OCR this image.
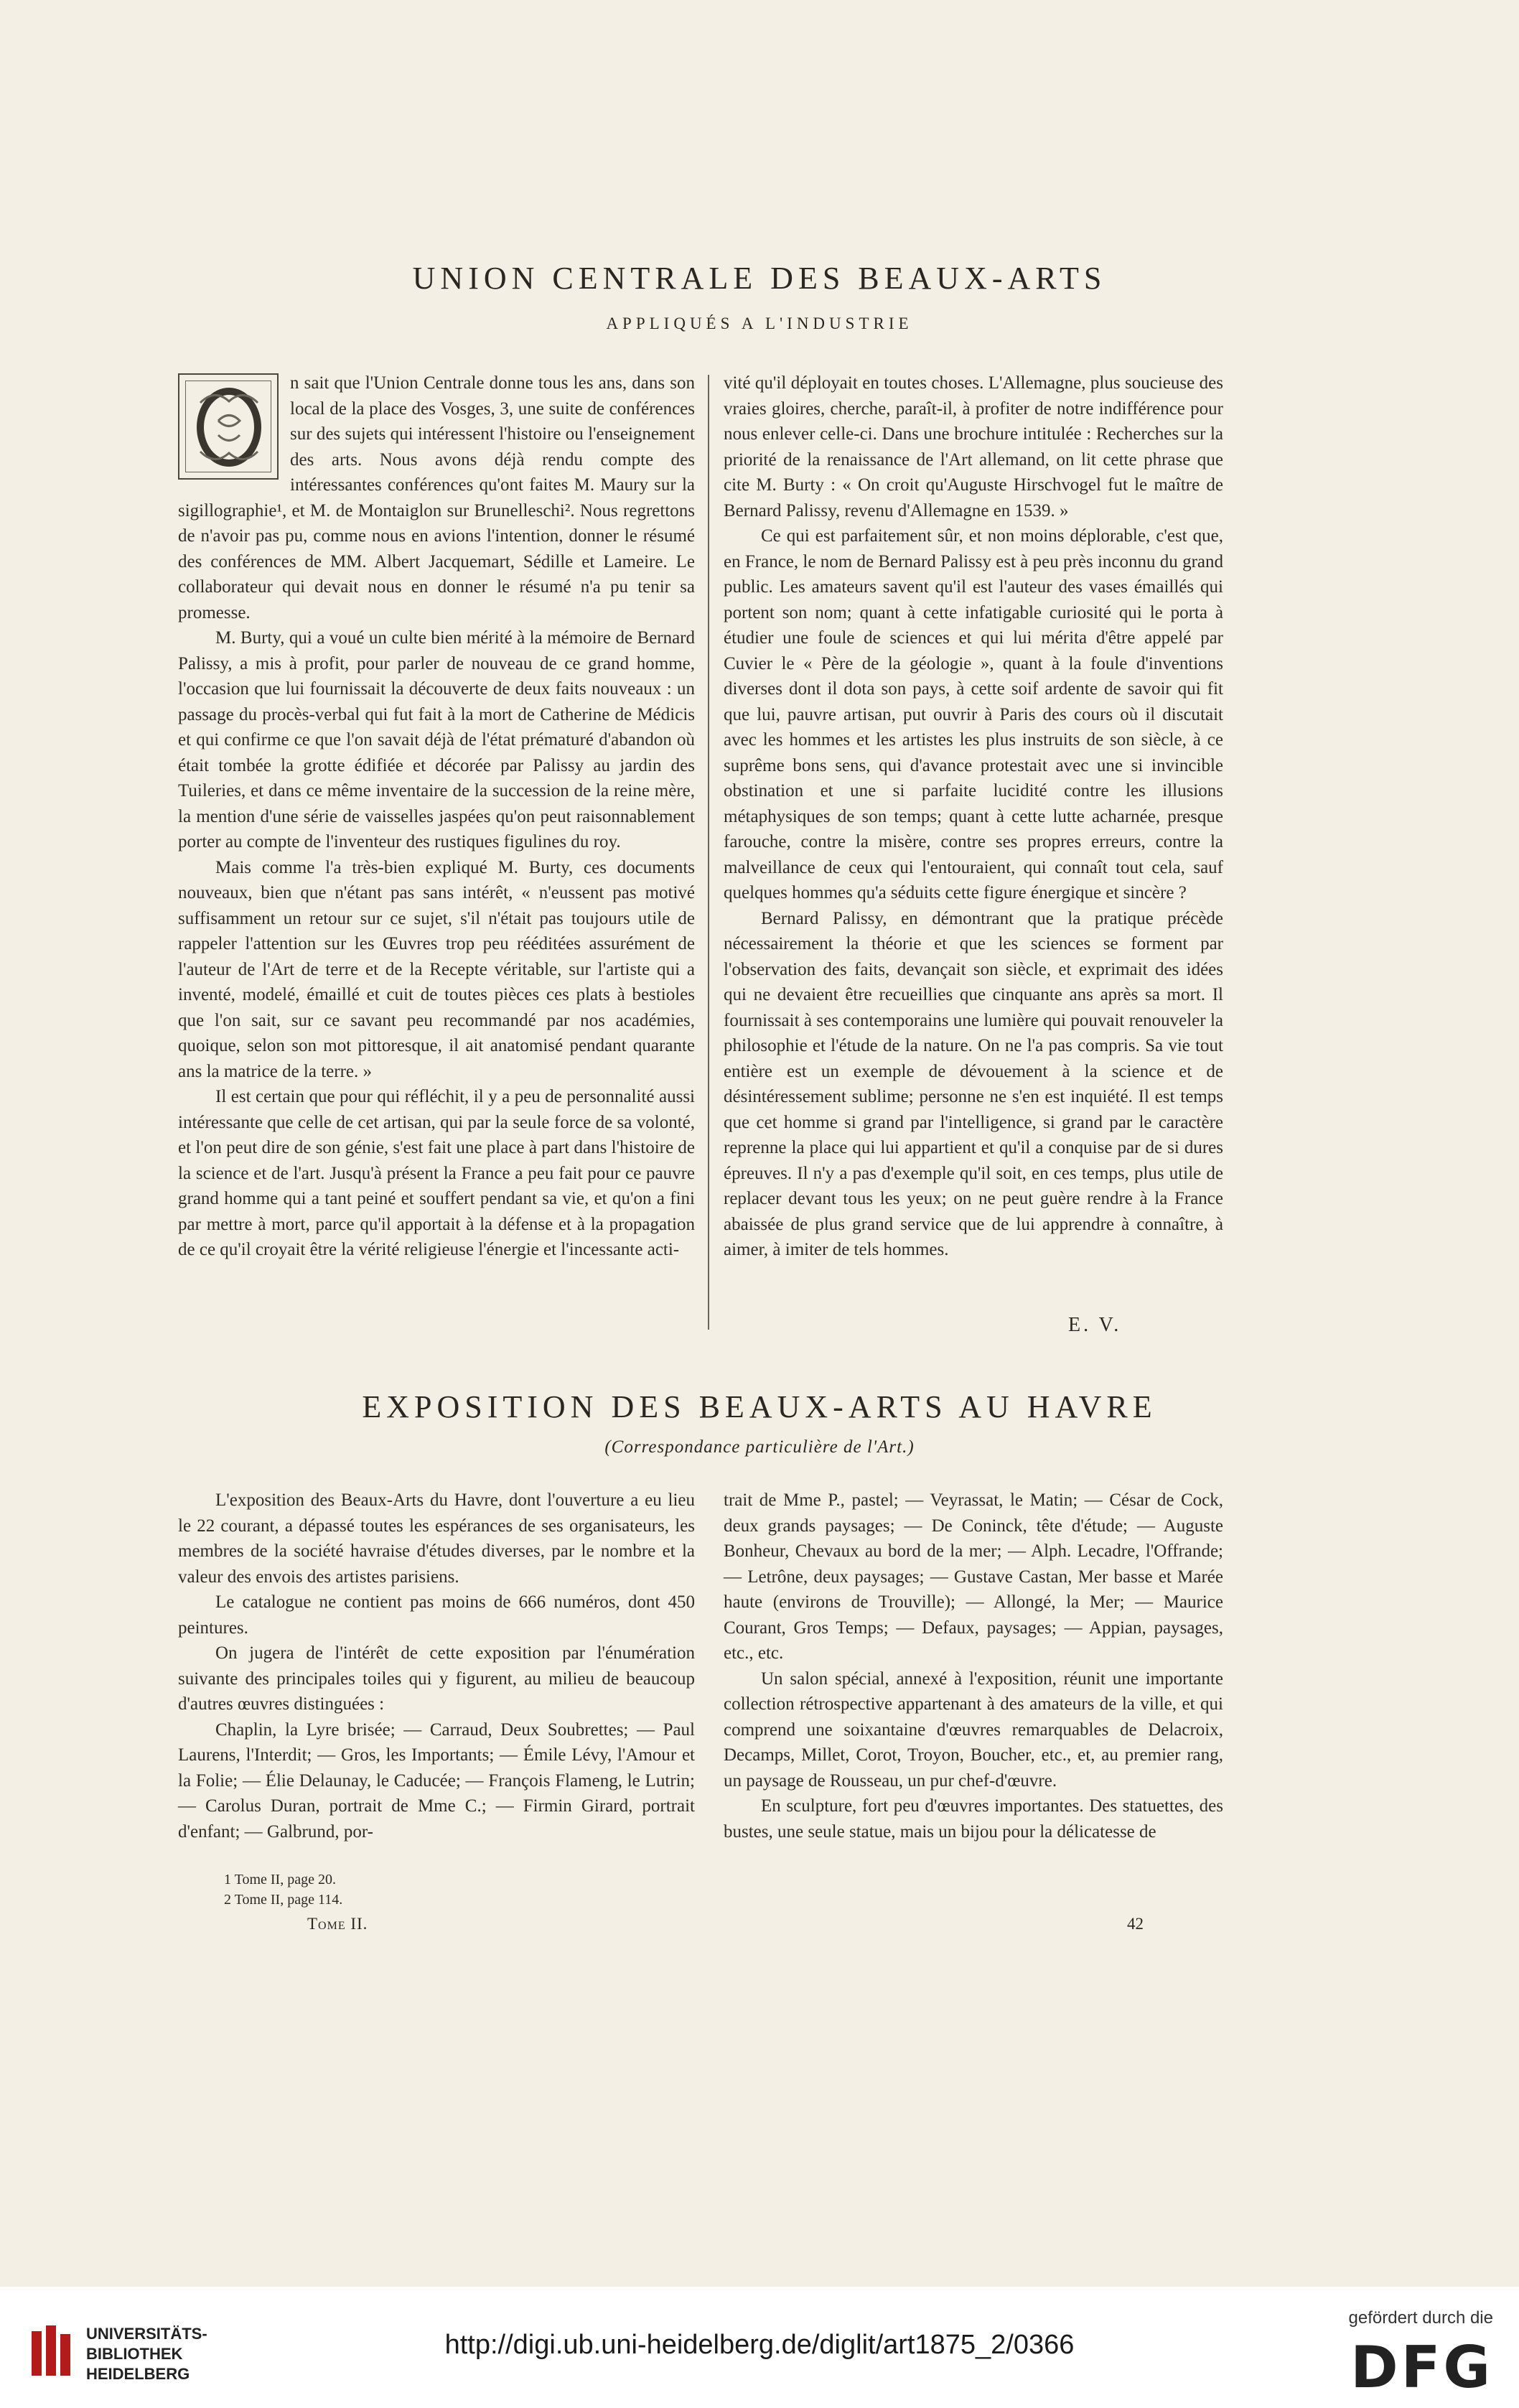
UNION CENTRALE DES BEAUX-ARTS
APPLIQUÉS A L'INDUSTRIE

n sait que l'Union Centrale donne tous les ans, dans son local de la place des Vosges, 3, une suite de conférences sur des sujets qui intéressent l'histoire ou l'enseignement des arts. Nous avons déjà rendu compte des intéressantes conférences qu'ont faites M. Maury sur la sigillographie¹, et M. de Montaiglon sur Brunelleschi². Nous regrettons de n'avoir pas pu, comme nous en avions l'intention, donner le résumé des conférences de MM. Albert Jacquemart, Sédille et Lameire. Le collaborateur qui devait nous en donner le résumé n'a pu tenir sa promesse.

M. Burty, qui a voué un culte bien mérité à la mémoire de Bernard Palissy, a mis à profit, pour parler de nouveau de ce grand homme, l'occasion que lui fournissait la découverte de deux faits nouveaux : un passage du procès-verbal qui fut fait à la mort de Catherine de Médicis et qui confirme ce que l'on savait déjà de l'état prématuré d'abandon où était tombée la grotte édifiée et décorée par Palissy au jardin des Tuileries, et dans ce même inventaire de la succession de la reine mère, la mention d'une série de vaisselles jaspées qu'on peut raisonnablement porter au compte de l'inventeur des rustiques figulines du roy.

Mais comme l'a très-bien expliqué M. Burty, ces documents nouveaux, bien que n'étant pas sans intérêt, « n'eussent pas motivé suffisamment un retour sur ce sujet, s'il n'était pas toujours utile de rappeler l'attention sur les Œuvres trop peu rééditées assurément de l'auteur de l'Art de terre et de la Recepte véritable, sur l'artiste qui a inventé, modelé, émaillé et cuit de toutes pièces ces plats à bestioles que l'on sait, sur ce savant peu recommandé par nos académies, quoique, selon son mot pittoresque, il ait anatomisé pendant quarante ans la matrice de la terre. »

Il est certain que pour qui réfléchit, il y a peu de personnalité aussi intéressante que celle de cet artisan, qui par la seule force de sa volonté, et l'on peut dire de son génie, s'est fait une place à part dans l'histoire de la science et de l'art. Jusqu'à présent la France a peu fait pour ce pauvre grand homme qui a tant peiné et souffert pendant sa vie, et qu'on a fini par mettre à mort, parce qu'il apportait à la défense et à la propagation de ce qu'il croyait être la vérité religieuse l'énergie et l'incessante acti-

vité qu'il déployait en toutes choses. L'Allemagne, plus soucieuse des vraies gloires, cherche, paraît-il, à profiter de notre indifférence pour nous enlever celle-ci. Dans une brochure intitulée : Recherches sur la priorité de la renaissance de l'Art allemand, on lit cette phrase que cite M. Burty : « On croit qu'Auguste Hirschvogel fut le maître de Bernard Palissy, revenu d'Allemagne en 1539. »

Ce qui est parfaitement sûr, et non moins déplorable, c'est que, en France, le nom de Bernard Palissy est à peu près inconnu du grand public. Les amateurs savent qu'il est l'auteur des vases émaillés qui portent son nom; quant à cette infatigable curiosité qui le porta à étudier une foule de sciences et qui lui mérita d'être appelé par Cuvier le « Père de la géologie », quant à la foule d'inventions diverses dont il dota son pays, à cette soif ardente de savoir qui fit que lui, pauvre artisan, put ouvrir à Paris des cours où il discutait avec les hommes et les artistes les plus instruits de son siècle, à ce suprême bons sens, qui d'avance protestait avec une si invincible obstination et une si parfaite lucidité contre les illusions métaphysiques de son temps; quant à cette lutte acharnée, presque farouche, contre la misère, contre ses propres erreurs, contre la malveillance de ceux qui l'entouraient, qui connaît tout cela, sauf quelques hommes qu'a séduits cette figure énergique et sincère ?

Bernard Palissy, en démontrant que la pratique précède nécessairement la théorie et que les sciences se forment par l'observation des faits, devançait son siècle, et exprimait des idées qui ne devaient être recueillies que cinquante ans après sa mort. Il fournissait à ses contemporains une lumière qui pouvait renouveler la philosophie et l'étude de la nature. On ne l'a pas compris. Sa vie tout entière est un exemple de dévouement à la science et de désintéressement sublime; personne ne s'en est inquiété. Il est temps que cet homme si grand par l'intelligence, si grand par le caractère reprenne la place qui lui appartient et qu'il a conquise par de si dures épreuves. Il n'y a pas d'exemple qu'il soit, en ces temps, plus utile de replacer devant tous les yeux; on ne peut guère rendre à la France abaissée de plus grand service que de lui apprendre à connaître, à aimer, à imiter de tels hommes.

E. V.
EXPOSITION DES BEAUX-ARTS AU HAVRE
(Correspondance particulière de l'Art.)

L'exposition des Beaux-Arts du Havre, dont l'ouverture a eu lieu le 22 courant, a dépassé toutes les espérances de ses organisateurs, les membres de la société havraise d'études diverses, par le nombre et la valeur des envois des artistes parisiens.

Le catalogue ne contient pas moins de 666 numéros, dont 450 peintures.

On jugera de l'intérêt de cette exposition par l'énumération suivante des principales toiles qui y figurent, au milieu de beaucoup d'autres œuvres distinguées :

Chaplin, la Lyre brisée; — Carraud, Deux Soubrettes; — Paul Laurens, l'Interdit; — Gros, les Importants; — Émile Lévy, l'Amour et la Folie; — Élie Delaunay, le Caducée; — François Flameng, le Lutrin; — Carolus Duran, portrait de Mme C.; — Firmin Girard, portrait d'enfant; — Galbrund, por-

trait de Mme P., pastel; — Veyrassat, le Matin; — César de Cock, deux grands paysages; — De Coninck, tête d'étude; — Auguste Bonheur, Chevaux au bord de la mer; — Alph. Lecadre, l'Offrande; — Letrône, deux paysages; — Gustave Castan, Mer basse et Marée haute (environs de Trouville); — Allongé, la Mer; — Maurice Courant, Gros Temps; — Defaux, paysages; — Appian, paysages, etc., etc.

Un salon spécial, annexé à l'exposition, réunit une importante collection rétrospective appartenant à des amateurs de la ville, et qui comprend une soixantaine d'œuvres remarquables de Delacroix, Decamps, Millet, Corot, Troyon, Boucher, etc., et, au premier rang, un paysage de Rousseau, un pur chef-d'œuvre.

En sculpture, fort peu d'œuvres importantes. Des statuettes, des bustes, une seule statue, mais un bijou pour la délicatesse de

1 Tome II, page 20.
2 Tome II, page 114.
Tome II.	42
UNIVERSITÄTS-
BIBLIOTHEK
HEIDELBERG
http://digi.ub.uni-heidelberg.de/diglit/art1875_2/0366
gefördert durch die
DFG
